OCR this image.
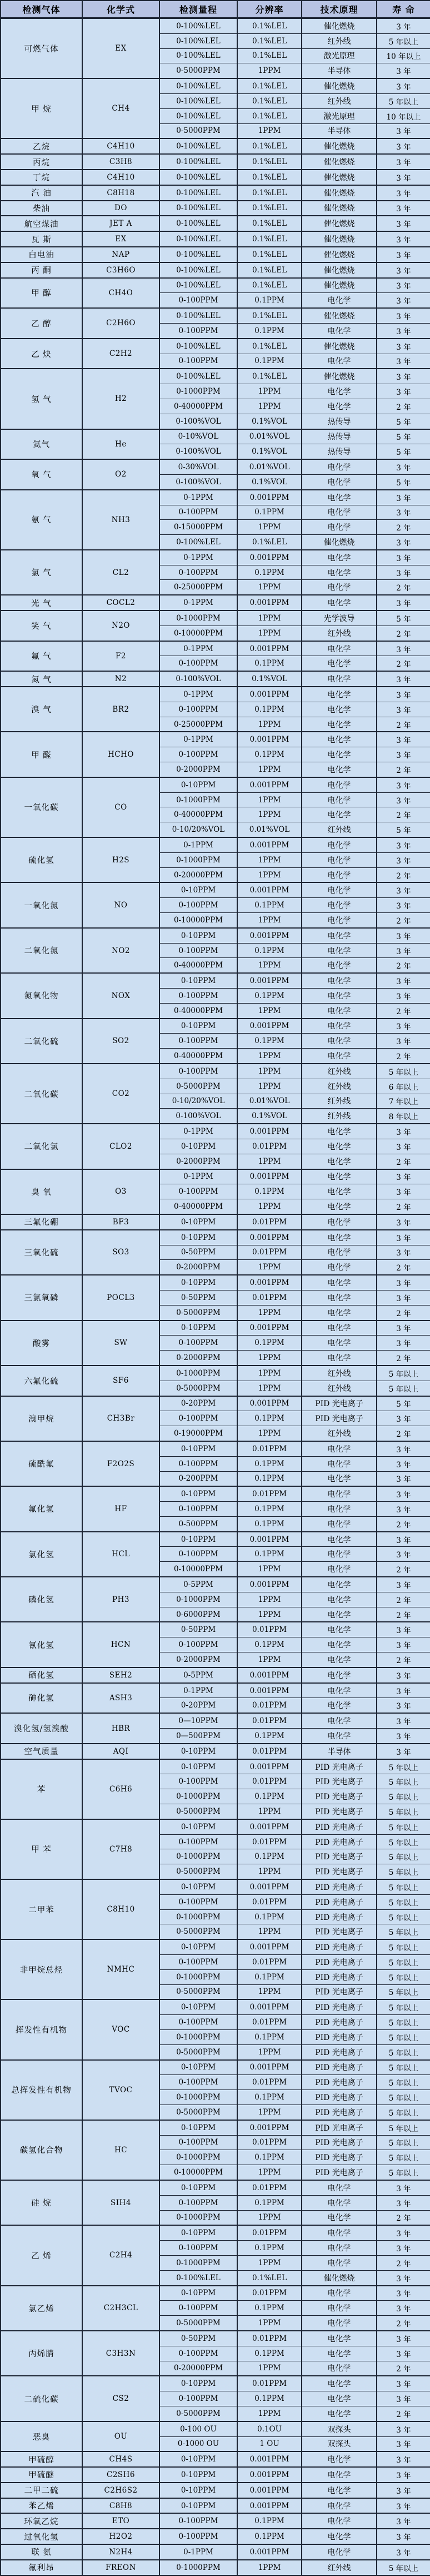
检测气体	化学式	检测量程	分辨率	技术原理	寿 命
可燃气体	EX	0-100%LEL	0.1%LEL	催化燃烧	3 年
		0-100%LEL	0.1%LEL	红外线	5 年以上
		0-100%LEL	0.1%LEL	激光原理	10 年以上
		0-5000PPM	1PPM	半导体	3 年
甲 烷	CH4	0-100%LEL	0.1%LEL	催化燃烧	3 年
		0-100%LEL	0.1%LEL	红外线	5 年以上
		0-100%LEL	0.1%LEL	激光原理	10 年以上
		0-5000PPM	1PPM	半导体	3 年
乙烷	C4H10	0-100%LEL	0.1%LEL	催化燃烧	3 年
丙烷	C3H8	0-100%LEL	0.1%LEL	催化燃烧	3 年
丁烷	C4H10	0-100%LEL	0.1%LEL	催化燃烧	3 年
汽 油	C8H18	0-100%LEL	0.1%LEL	催化燃烧	3 年
柴油	DO	0-100%LEL	0.1%LEL	催化燃烧	3 年
航空煤油	JET A	0-100%LEL	0.1%LEL	催化燃烧	3 年
瓦 斯	EX	0-100%LEL	0.1%LEL	催化燃烧	3 年
白电油	NAP	0-100%LEL	0.1%LEL	催化燃烧	3 年
丙 酮	C3H6O	0-100%LEL	0.1%LEL	催化燃烧	3 年
甲 醇	CH4O	0-100%LEL	0.1%LEL	催化燃烧	3 年
		0-100PPM	0.1PPM	电化学	3 年
乙 醇	C2H6O	0-100%LEL	0.1%LEL	催化燃烧	3 年
		0-100PPM	0.1PPM	电化学	3 年
乙 炔	C2H2	0-100%LEL	0.1%LEL	催化燃烧	3 年
		0-100PPM	0.1PPM	电化学	3 年
氢 气	H2	0-100%LEL	0.1%LEL	催化燃烧	3 年
		0-1000PPM	1PPM	电化学	3 年
		0-40000PPM	1PPM	电化学	2 年
		0-100%VOL	0.1%VOL	热传导	5 年
氦气	He	0-10%VOL	0.01%VOL	热传导	5 年
		0-100%VOL	0.1%VOL	热传导	5 年
氧 气	O2	0-30%VOL	0.01%VOL	电化学	3 年
		0-100%VOL	0.1%VOL	电化学	5 年
氨 气	NH3	0-1PPM	0.001PPM	电化学	3 年
		0-100PPM	0.1PPM	电化学	3 年
		0-15000PPM	1PPM	电化学	2 年
		0-100%LEL	0.1%LEL	催化燃烧	3 年
氯 气	CL2	0-1PPM	0.001PPM	电化学	3 年
		0-100PPM	0.1PPM	电化学	3 年
		0-25000PPM	1PPM	电化学	2 年
光 气	COCL2	0-1PPM	0.001PPM	电化学	3 年
笑 气	N2O	0-1000PPM	1PPM	光学波导	5 年
		0-10000PPM	1PPM	红外线	2 年
氟 气	F2	0-1PPM	0.001PPM	电化学	3 年
		0-100PPM	0.1PPM	电化学	2 年
氮 气	N2	0-100%VOL	0.1%VOL	电化学	3 年
溴 气	BR2	0-1PPM	0.001PPM	电化学	3 年
		0-100PPM	0.1PPM	电化学	3 年
		0-25000PPM	1PPM	电化学	2 年
甲 醛	HCHO	0-1PPM	0.001PPM	电化学	3 年
		0-100PPM	0.1PPM	电化学	3 年
		0-2000PPM	1PPM	电化学	2 年
一氧化碳	CO	0-10PPM	0.001PPM	电化学	3 年
		0-1000PPM	1PPM	电化学	3 年
		0-40000PPM	1PPM	电化学	2 年
		0-10/20%VOL	0.01%VOL	红外线	5 年
硫化氢	H2S	0-1PPM	0.001PPM	电化学	3 年
		0-1000PPM	1PPM	电化学	3 年
		0-20000PPM	1PPM	电化学	2 年
一氧化氮	NO	0-10PPM	0.001PPM	电化学	3 年
		0-100PPM	0.1PPM	电化学	3 年
		0-10000PPM	1PPM	电化学	2 年
二氧化氮	NO2	0-10PPM	0.001PPM	电化学	3 年
		0-100PPM	0.1PPM	电化学	3 年
		0-40000PPM	1PPM	电化学	2 年
氮氧化物	NOX	0-10PPM	0.001PPM	电化学	3 年
		0-100PPM	0.1PPM	电化学	3 年
		0-40000PPM	1PPM	电化学	2 年
二氧化硫	SO2	0-10PPM	0.001PPM	电化学	3 年
		0-100PPM	0.1PPM	电化学	3 年
		0-40000PPM	1PPM	电化学	2 年
二氧化碳	CO2	0-100PPM	1PPM	红外线	5 年以上
		0-5000PPM	1PPM	红外线	6 年以上
		0-10/20%VOL	0.01%VOL	红外线	7 年以上
		0-100%VOL	0.1%VOL	红外线	8 年以上
二氧化氯	CLO2	0-1PPM	0.001PPM	电化学	3 年
		0-10PPM	0.01PPM	电化学	3 年
		0-2000PPM	1PPM	电化学	2 年
臭 氧	O3	0-1PPM	0.001PPM	电化学	3 年
		0-100PPM	0.1PPM	电化学	3 年
		0-40000PPM	1PPM	电化学	2 年
三氟化硼	BF3	0-10PPM	0.01PPM	电化学	3 年
三氧化硫	SO3	0-10PPM	0.001PPM	电化学	3 年
		0-50PPM	0.01PPM	电化学	3 年
		0-2000PPM	1PPM	电化学	2 年
三氯氧磷	POCL3	0-10PPM	0.001PPM	电化学	3 年
		0-50PPM	0.01PPM	电化学	3 年
		0-5000PPM	1PPM	电化学	2 年
酸雾	SW	0-10PPM	0.001PPM	电化学	3 年
		0-100PPM	0.1PPM	电化学	3 年
		0-2000PPM	1PPM	电化学	2 年
六氟化硫	SF6	0-1000PPM	1PPM	红外线	5 年以上
		0-5000PPM	1PPM	红外线	5 年以上
溴甲烷	CH3Br	0-20PPM	0.001PPM	PID 光电离子	5 年
		0-100PPM	0.1PPM	PID 光电离子	3 年
		0-19000PPM	1PPM	红外线	2 年
硫酰氟	F2O2S	0-10PPM	0.01PPM	电化学	3 年
		0-100PPM	0.1PPM	电化学	3 年
		0-200PPM	0.1PPM	电化学	3 年
氟化氢	HF	0-10PPM	0.01PPM	电化学	3 年
		0-100PPM	0.1PPM	电化学	3 年
		0-500PPM	0.1PPM	电化学	2 年
氯化氢	HCL	0-10PPM	0.001PPM	电化学	3 年
		0-100PPM	0.1PPM	电化学	3 年
		0-10000PPM	1PPM	电化学	2 年
磷化氢	PH3	0-5PPM	0.001PPM	电化学	3 年
		0-1000PPM	1PPM	电化学	2 年
		0-6000PPM	1PPM	电化学	2 年
氰化氢	HCN	0-50PPM	0.01PPM	电化学	3 年
		0-100PPM	0.1PPM	电化学	3 年
		0-2000PPM	1PPM	电化学	2 年
硒化氢	SEH2	0-5PPM	0.001PPM	电化学	3 年
砷化氢	ASH3	0-1PPM	0.001PPM	电化学	3 年
		0-20PPM	0.01PPM	电化学	3 年
溴化氢/氢溴酸	HBR	0—10PPM	0.01PPM	电化学	3 年
		0—500PPM	0.1PPM	电化学	3 年
空气质量	AQI	0-10PPM	0.01PPM	半导体	3 年
苯	C6H6	0-10PPM	0.001PPM	PID 光电离子	5 年以上
		0-100PPM	0.01PPM	PID 光电离子	5 年以上
		0-1000PPM	0.1PPM	PID 光电离子	5 年以上
		0-5000PPM	1PPM	PID 光电离子	5 年以上
甲 苯	C7H8	0-10PPM	0.001PPM	PID 光电离子	5 年以上
		0-100PPM	0.01PPM	PID 光电离子	5 年以上
		0-1000PPM	0.1PPM	PID 光电离子	5 年以上
		0-5000PPM	1PPM	PID 光电离子	5 年以上
二甲苯	C8H10	0-10PPM	0.001PPM	PID 光电离子	5 年以上
		0-100PPM	0.01PPM	PID 光电离子	5 年以上
		0-1000PPM	0.1PPM	PID 光电离子	5 年以上
		0-5000PPM	1PPM	PID 光电离子	5 年以上
非甲烷总烃	NMHC	0-10PPM	0.001PPM	PID 光电离子	5 年以上
		0-100PPM	0.01PPM	PID 光电离子	5 年以上
		0-1000PPM	0.1PPM	PID 光电离子	5 年以上
		0-5000PPM	1PPM	PID 光电离子	5 年以上
挥发性有机物	VOC	0-10PPM	0.001PPM	PID 光电离子	5 年以上
		0-100PPM	0.01PPM	PID 光电离子	5 年以上
		0-1000PPM	0.1PPM	PID 光电离子	5 年以上
		0-5000PPM	1PPM	PID 光电离子	5 年以上
总挥发性有机物	TVOC	0-10PPM	0.001PPM	PID 光电离子	5 年以上
		0-100PPM	0.01PPM	PID 光电离子	5 年以上
		0-1000PPM	0.1PPM	PID 光电离子	5 年以上
		0-5000PPM	1PPM	PID 光电离子	5 年以上
碳氢化合物	HC	0-10PPM	0.001PPM	PID 光电离子	5 年以上
		0-100PPM	0.01PPM	PID 光电离子	5 年以上
		0-1000PPM	0.1PPM	PID 光电离子	5 年以上
		0-10000PPM	1PPM	PID 光电离子	5 年以上
硅 烷	SIH4	0-10PPM	0.01PPM	电化学	3 年
		0-100PPM	0.1PPM	电化学	3 年
		0-1000PPM	1PPM	电化学	2 年
乙 烯	C2H4	0-10PPM	0.01PPM	电化学	3 年
		0-100PPM	0.1PPM	电化学	3 年
		0-1000PPM	1PPM	电化学	2 年
		0-100%LEL	0.1%LEL	催化燃烧	3 年
氯乙烯	C2H3CL	0-10PPM	0.01PPM	电化学	3 年
		0-100PPM	0.1PPM	电化学	3 年
		0-5000PPM	1PPM	电化学	2 年
丙烯腈	C3H3N	0-50PPM	0.01PPM	电化学	3 年
		0-100PPM	0.1PPM	电化学	3 年
		0-20000PPM	1PPM	电化学	2 年
二硫化碳	CS2	0-10PPM	0.01PPM	电化学	3 年
		0-100PPM	0.1PPM	电化学	3 年
		0-5000PPM	1PPM	电化学	2 年
恶臭	OU	0-100 OU	0.1OU	双探头	3 年
		0-1000 OU	1 OU	双探头	3 年
甲硫醇	CH4S	0-10PPM	0.001PPM	电化学	3 年
甲硫醚	C2SH6	0-10PPM	0.001PPM	电化学	3 年
二甲二硫	C2H6S2	0-10PPM	0.001PPM	电化学	3 年
苯乙烯	C8H8	0-10PPM	0.001PPM	电化学	3 年
环氧乙烷	ETO	0-100PPM	0.1PPM	电化学	3 年
过氧化氢	H2O2	0-100PPM	0.1PPM	电化学	3 年
联 氨	N2H4	0-1PPM	0.001PPM	电化学	3 年
氟利昂	FREON	0-1000PPM	1PPM	红外线	5 年以上
